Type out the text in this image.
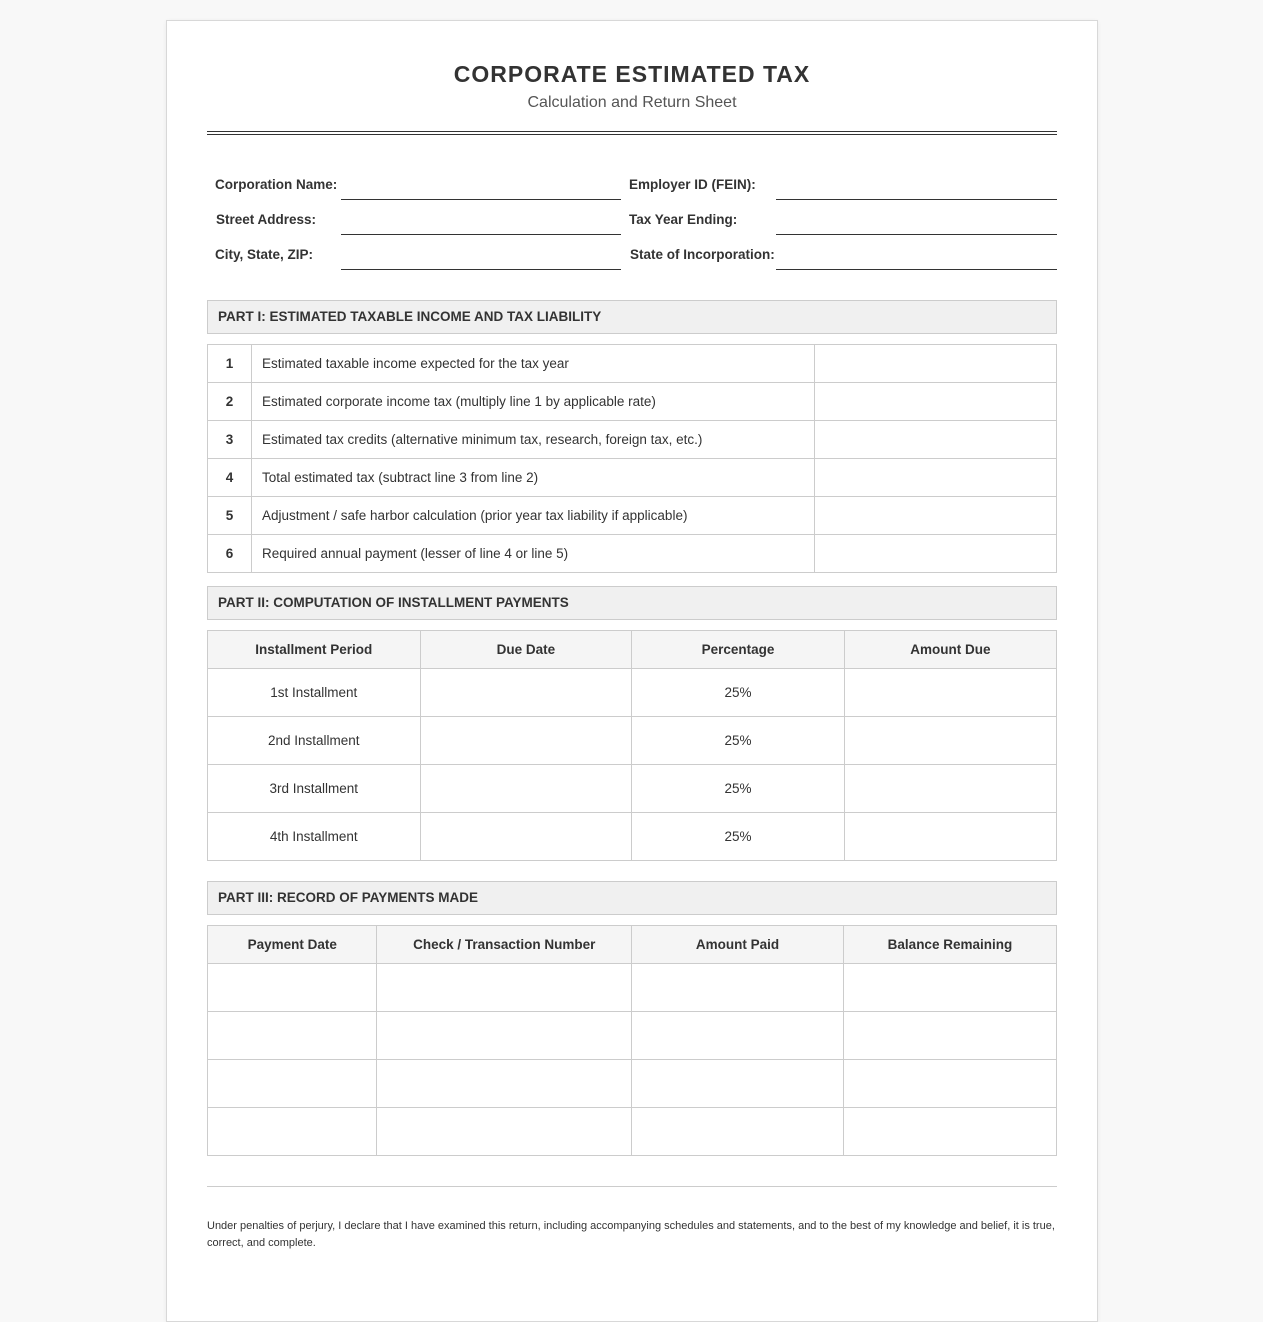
CORPORATE ESTIMATED TAX
Calculation and Return Sheet
Corporation Name:
Street Address:
City, State, ZIP:
Employer ID (FEIN):
Tax Year Ending:
State of Incorporation:
PART I: ESTIMATED TAXABLE INCOME AND TAX LIABILITY
1	Estimated taxable income expected for the tax year	
2	Estimated corporate income tax (multiply line 1 by applicable rate)	
3	Estimated tax credits (alternative minimum tax, research, foreign tax, etc.)	
4	Total estimated tax (subtract line 3 from line 2)	
5	Adjustment / safe harbor calculation (prior year tax liability if applicable)	
6	Required annual payment (lesser of line 4 or line 5)	
PART II: COMPUTATION OF INSTALLMENT PAYMENTS
Installment Period	Due Date	Percentage	Amount Due
1st Installment		25%	
2nd Installment		25%	
3rd Installment		25%	
4th Installment		25%	
PART III: RECORD OF PAYMENTS MADE
Payment Date	Check / Transaction Number	Amount Paid	Balance Remaining

Under penalties of perjury, I declare that I have examined this return, including accompanying schedules and statements, and to the best of my knowledge and belief, it is true, correct, and complete.
